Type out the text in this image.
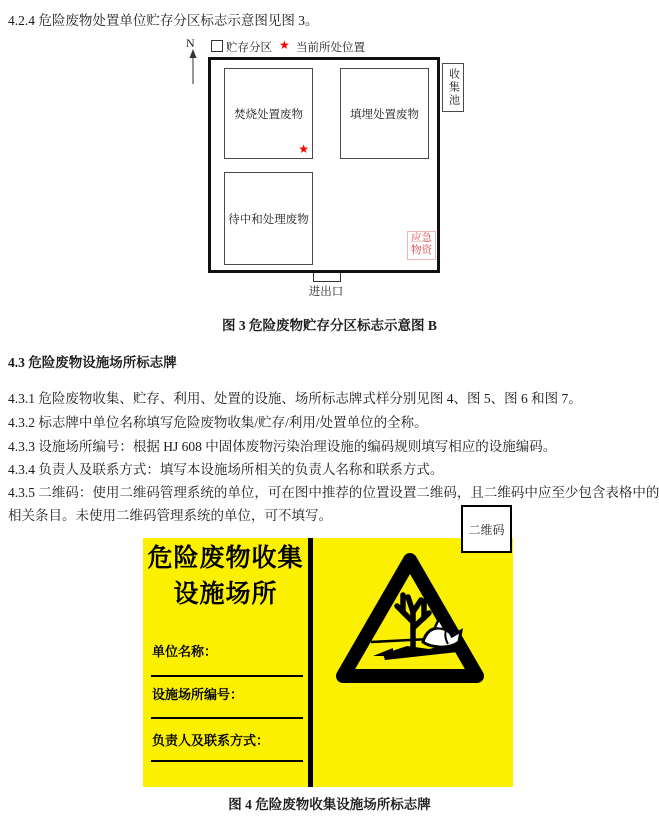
4.2.4 危险废物处置单位贮存分区标志示意图见图 3。
N	贮存分区 ★ 当前所处位置
焚烧处置废物
★
填埋处置废物
待中和处理废物
收集池
应急
物资
进出口
图 3 危险废物贮存分区标志示意图 B
4.3 危险废物设施场所标志牌
4.3.1 危险废物收集、贮存、利用、处置的设施、场所标志牌式样分别见图 4、图 5、图 6 和图 7。
4.3.2 标志牌中单位名称填写危险废物收集/贮存/利用/处置单位的全称。
4.3.3 设施场所编号：根据 HJ 608 中固体废物污染治理设施的编码规则填写相应的设施编码。
4.3.4 负责人及联系方式：填写本设施场所相关的负责人名称和联系方式。
4.3.5 二维码：使用二维码管理系统的单位，可在图中推荐的位置设置二维码，且二维码中应至少包含表格中的相关条目。未使用二维码管理系统的单位，可不填写。
危险废物收集
设施场所
单位名称：
设施场所编号：
负责人及联系方式：
二维码
图 4 危险废物收集设施场所标志牌
